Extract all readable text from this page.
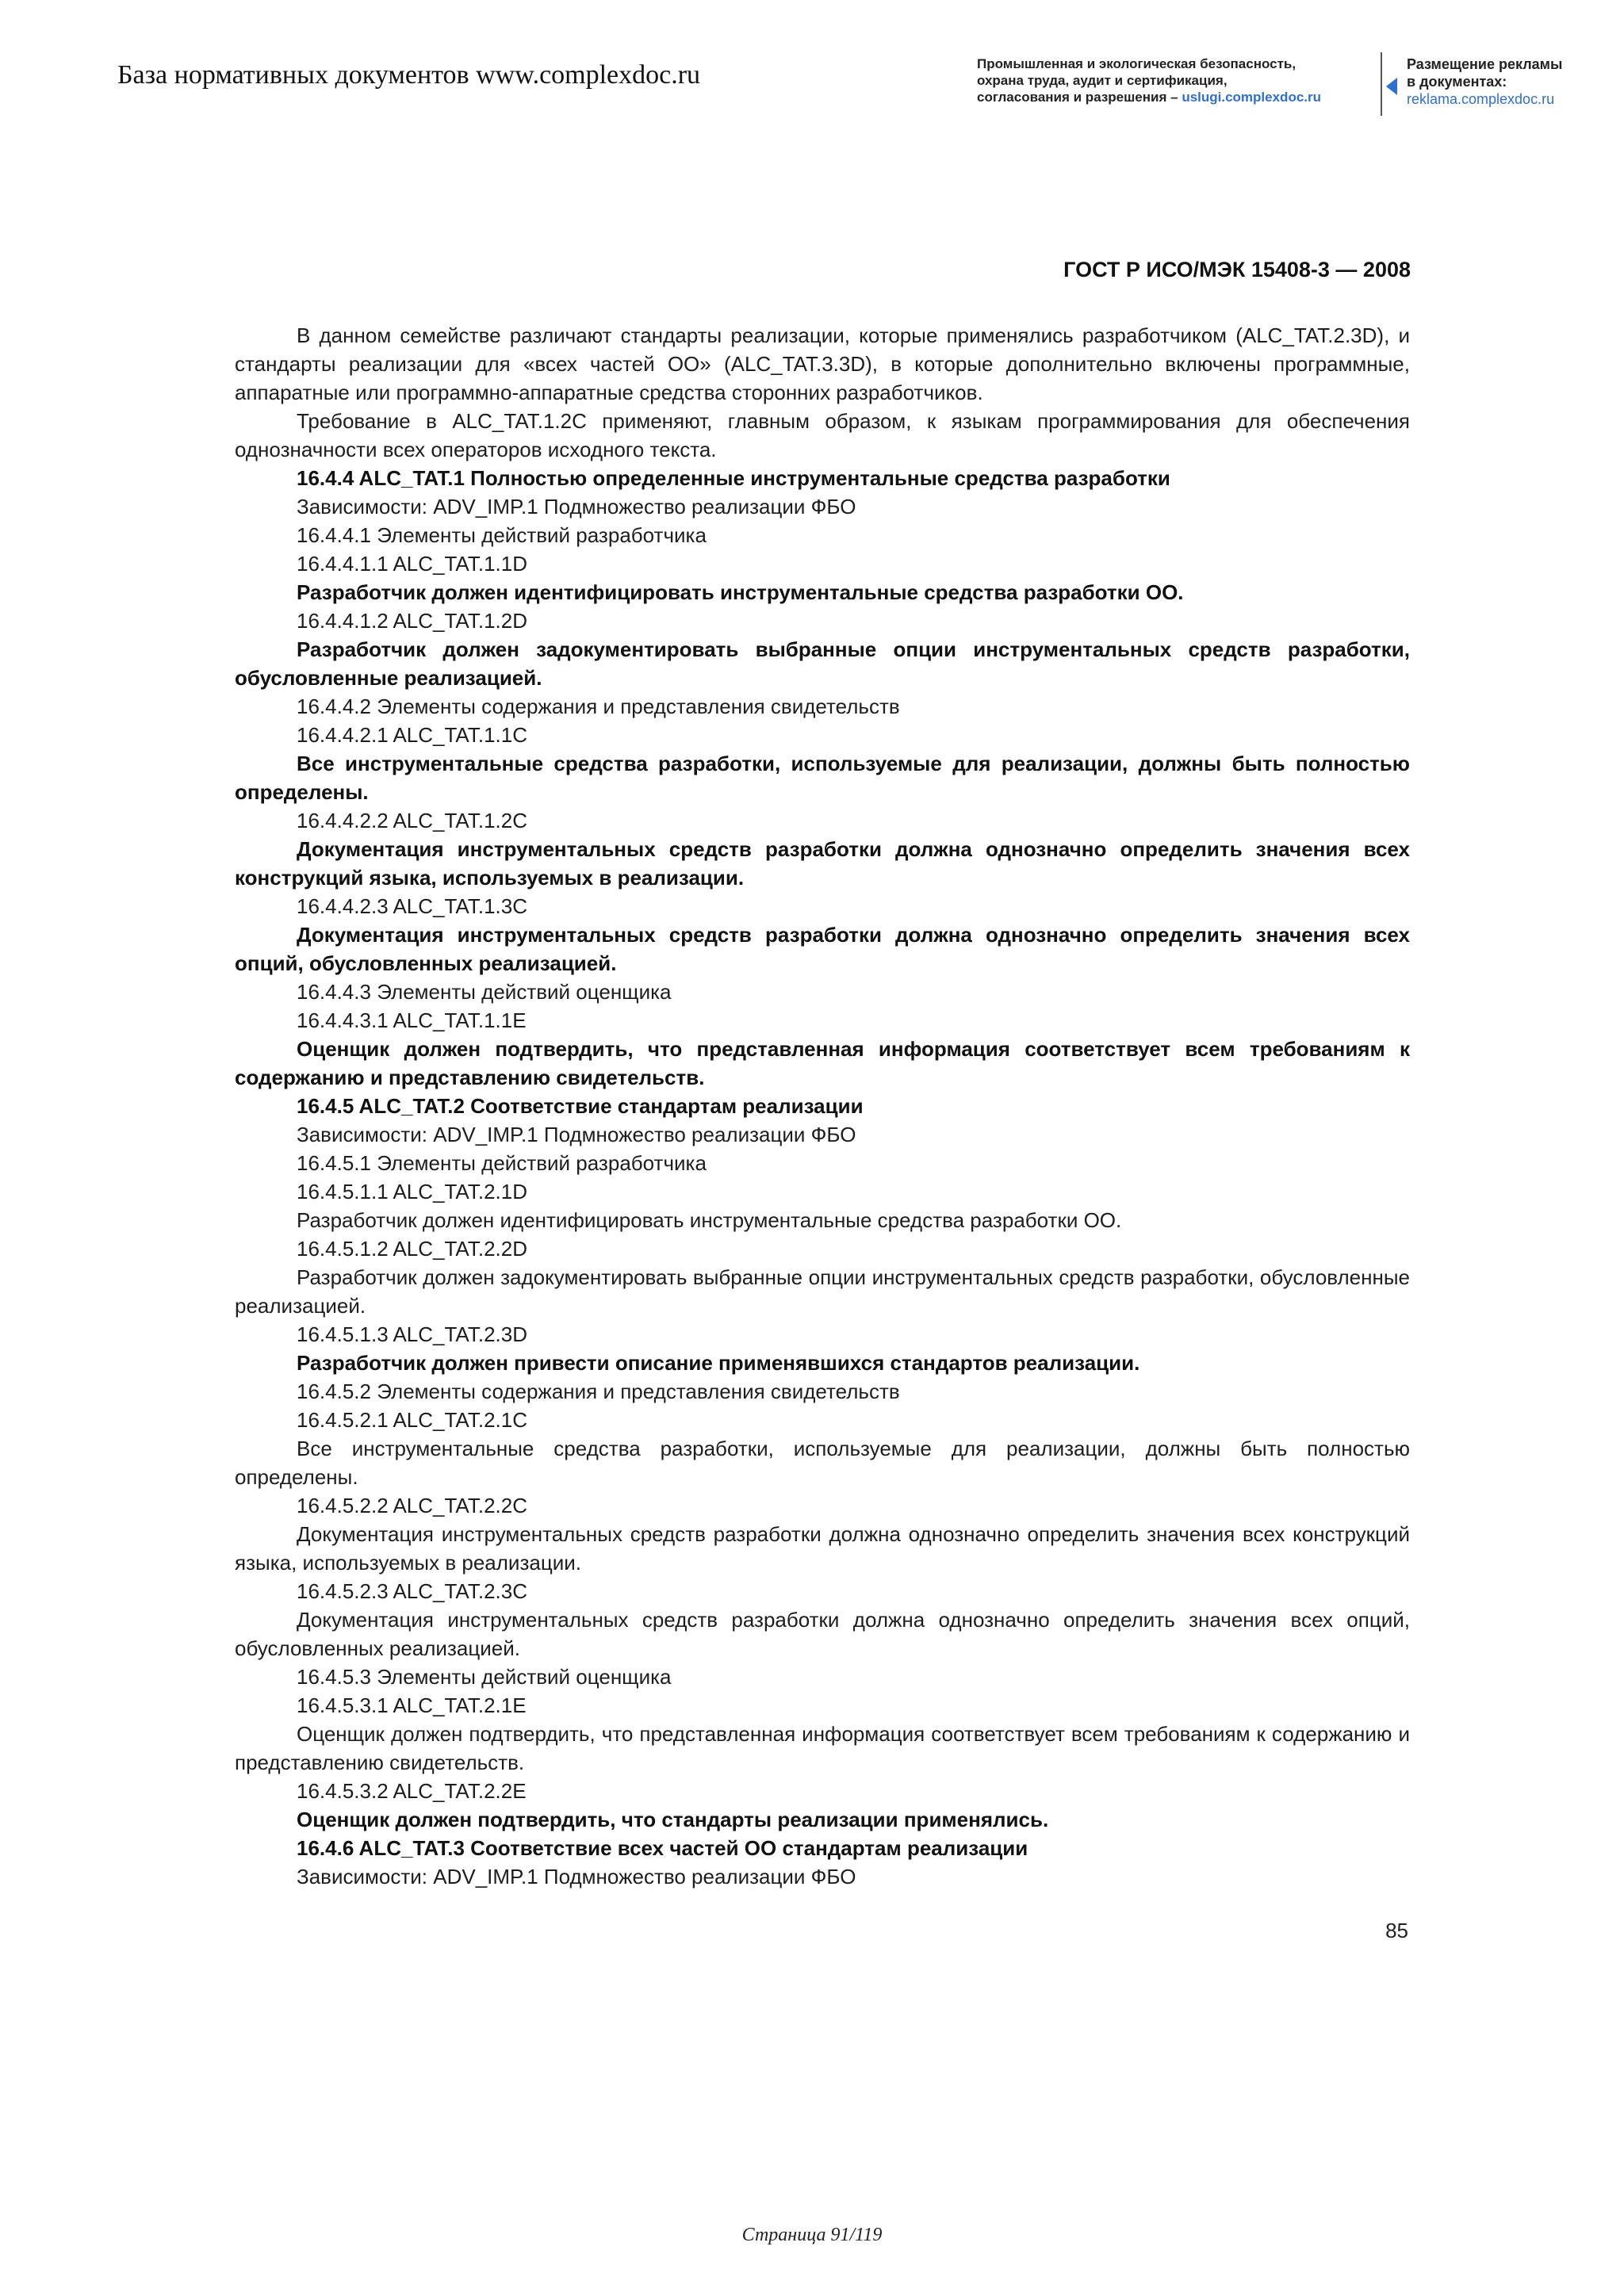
База нормативных документов www.complexdoc.ru	Промышленная и экологическая безопасность,
охрана труда, аудит и сертификация,
согласования и разрешения – uslugi.complexdoc.ru
Размещение рекламы
в документах:
reklama.complexdoc.ru
ГОСТ Р ИСО/МЭК 15408-3 — 2008

В данном семействе различают стандарты реализации, которые применялись разработчиком (ALC_TAT.2.3D), и стандарты реализации для «всех частей ОО» (ALC_TAT.3.3D), в которые дополнительно включены программные, аппаратные или программно-аппаратные средства сторонних разработчиков.

Требование в ALC_TAT.1.2C применяют, главным образом, к языкам программирования для обеспечения однозначности всех операторов исходного текста.

16.4.4 ALC_TAT.1 Полностью определенные инструментальные средства разработки

Зависимости: ADV_IMP.1 Подмножество реализации ФБО

16.4.4.1 Элементы действий разработчика

16.4.4.1.1 ALC_TAT.1.1D

Разработчик должен идентифицировать инструментальные средства разработки ОО.

16.4.4.1.2 ALC_TAT.1.2D

Разработчик должен задокументировать выбранные опции инструментальных средств разработки, обусловленные реализацией.

16.4.4.2 Элементы содержания и представления свидетельств

16.4.4.2.1 ALC_TAT.1.1C

Все инструментальные средства разработки, используемые для реализации, должны быть полностью определены.

16.4.4.2.2 ALC_TAT.1.2C

Документация инструментальных средств разработки должна однозначно определить значения всех конструкций языка, используемых в реализации.

16.4.4.2.3 ALC_TAT.1.3C

Документация инструментальных средств разработки должна однозначно определить значения всех опций, обусловленных реализацией.

16.4.4.3 Элементы действий оценщика

16.4.4.3.1 ALC_TAT.1.1E

Оценщик должен подтвердить, что представленная информация соответствует всем требованиям к содержанию и представлению свидетельств.

16.4.5 ALC_TAT.2 Соответствие стандартам реализации

Зависимости: ADV_IMP.1 Подмножество реализации ФБО

16.4.5.1 Элементы действий разработчика

16.4.5.1.1 ALC_TAT.2.1D

Разработчик должен идентифицировать инструментальные средства разработки ОО.

16.4.5.1.2 ALC_TAT.2.2D

Разработчик должен задокументировать выбранные опции инструментальных средств разработки, обусловленные реализацией.

16.4.5.1.3 ALC_TAT.2.3D

Разработчик должен привести описание применявшихся стандартов реализации.

16.4.5.2 Элементы содержания и представления свидетельств

16.4.5.2.1 ALC_TAT.2.1C

Все инструментальные средства разработки, используемые для реализации, должны быть полностью определены.

16.4.5.2.2 ALC_TAT.2.2C

Документация инструментальных средств разработки должна однозначно определить значения всех конструкций языка, используемых в реализации.

16.4.5.2.3 ALC_TAT.2.3C

Документация инструментальных средств разработки должна однозначно определить значения всех опций, обусловленных реализацией.

16.4.5.3 Элементы действий оценщика

16.4.5.3.1 ALC_TAT.2.1E

Оценщик должен подтвердить, что представленная информация соответствует всем требованиям к содержанию и представлению свидетельств.

16.4.5.3.2 ALC_TAT.2.2E

Оценщик должен подтвердить, что стандарты реализации применялись.

16.4.6 ALC_TAT.3 Соответствие всех частей ОО стандартам реализации

Зависимости: ADV_IMP.1 Подмножество реализации ФБО

85
Страница 91/119
